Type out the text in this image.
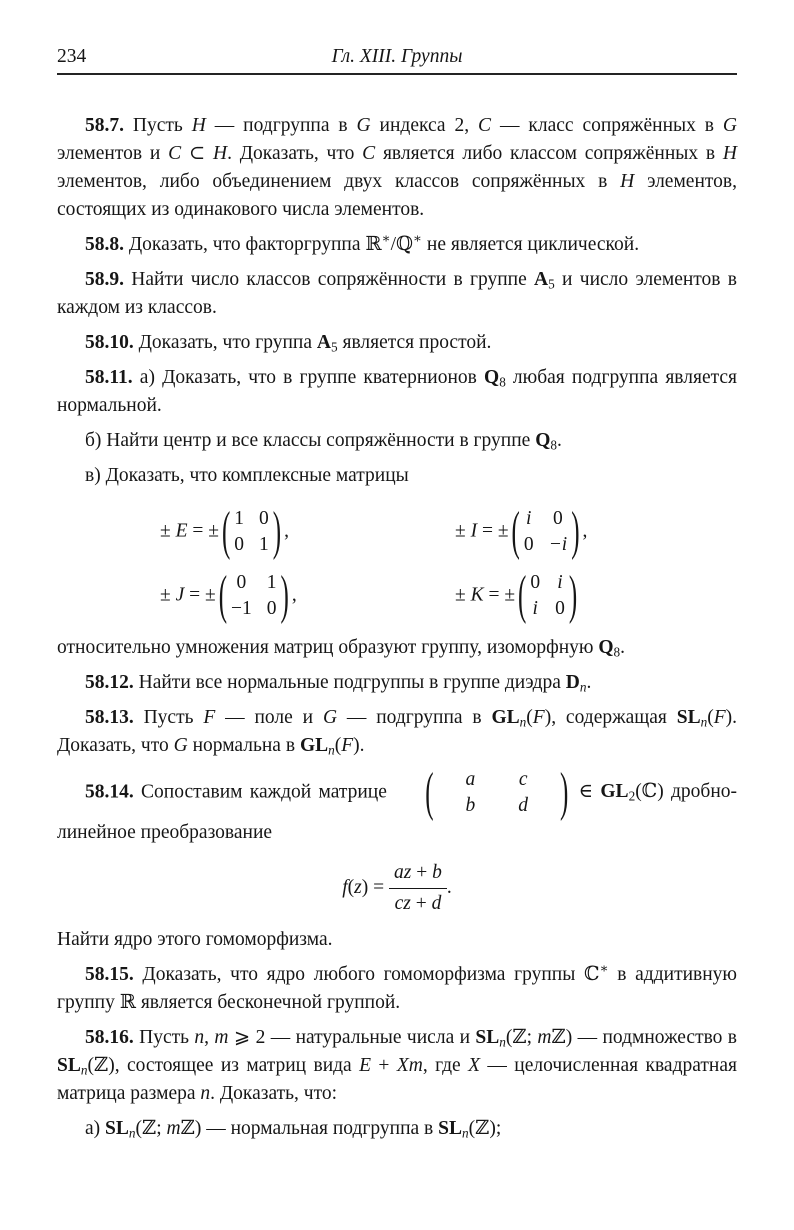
234	Гл. XIII. Группы

58.7. Пусть H — подгруппа в G индекса 2, C — класс сопряжённых в G элементов и C ⊂ H. Доказать, что C является либо классом сопряжённых в H элементов, либо объединением двух классов сопряжённых в H элементов, состоящих из одинакового числа элементов.

58.8. Доказать, что факторгруппа ℝ∗/ℚ∗ не является циклической.

58.9. Найти число классов сопряжённости в группе A5 и число элементов в каждом из классов.

58.10. Доказать, что группа A5 является простой.

58.11. а) Доказать, что в группе кватернионов Q8 любая подгруппа является нормальной.

б) Найти центр и все классы сопряжённости в группе Q8.

в) Доказать, что комплексные матрицы

± E = ± ( 1 0
0 1 ) ,	± I = ± ( i 0
0 −i ) ,
± J = ± ( 0 1
−1 0 ) ,	± K = ± ( 0 i
i 0 )

относительно умножения матриц образуют группу, изоморфную Q8.

58.12. Найти все нормальные подгруппы в группе диэдра Dn.

58.13. Пусть F — поле и G — подгруппа в GLn(F), содержащая SLn(F). Доказать, что G нормальна в GLn(F).

58.14. Сопоставим каждой матрице	(	a	c
b	d	) ∈ GL2(ℂ) дробно-линейное преобразование

$f(z) = \frac{az + b}{cz + d}$ .

Найти ядро этого гомоморфизма.

58.15. Доказать, что ядро любого гомоморфизма группы ℂ∗ в аддитивную группу ℝ является бесконечной группой.

58.16. Пусть n, m ⩾ 2 — натуральные числа и SLn(ℤ; mℤ) — подмножество в SLn(ℤ), состоящее из матриц вида E + Xm, где X — целочисленная квадратная матрица размера n. Доказать, что:

а) SLn(ℤ; mℤ) — нормальная подгруппа в SLn(ℤ);
